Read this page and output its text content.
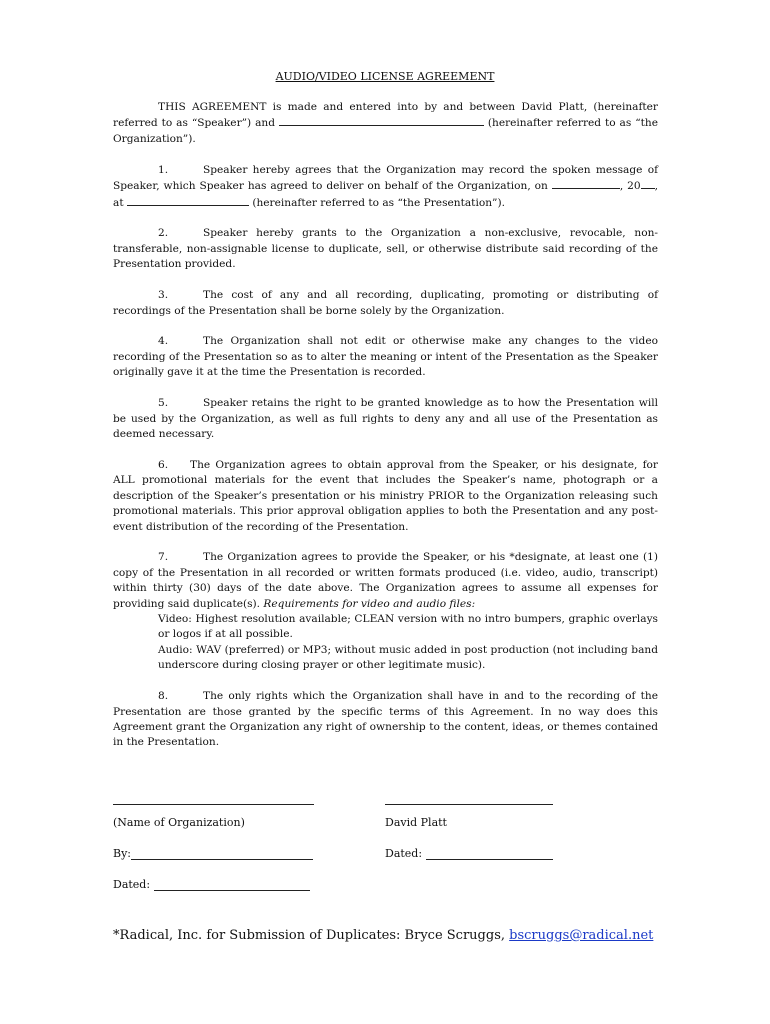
AUDIO/VIDEO LICENSE AGREEMENT

THIS AGREEMENT is made and entered into by and between David Platt, (hereinafter referred to as “Speaker”) and	(hereinafter referred to as “the Organization”).

1.	Speaker hereby agrees that the Organization may record the spoken message of Speaker, which Speaker has agreed to deliver on behalf of the Organization, on	, 20 , at	(hereinafter referred to as “the Presentation”).

2.	Speaker hereby grants to the Organization a non-exclusive, revocable, non-transferable, non-assignable license to duplicate, sell, or otherwise distribute said recording of the Presentation provided.

3.	The cost of any and all recording, duplicating, promoting or distributing of recordings of the Presentation shall be borne solely by the Organization.

4.	The Organization shall not edit or otherwise make any changes to the video recording of the Presentation so as to alter the meaning or intent of the Presentation as the Speaker originally gave it at the time the Presentation is recorded.

5.	Speaker retains the right to be granted knowledge as to how the Presentation will be used by the Organization, as well as full rights to deny any and all use of the Presentation as deemed necessary.

6. The Organization agrees to obtain approval from the Speaker, or his designate, for ALL promotional materials for the event that includes the Speaker’s name, photograph or a description of the Speaker’s presentation or his ministry PRIOR to the Organization releasing such promotional materials. This prior approval obligation applies to both the Presentation and any post-event distribution of the recording of the Presentation.

7.	The Organization agrees to provide the Speaker, or his *designate, at least one (1) copy of the Presentation in all recorded or written formats produced (i.e. video, audio, transcript) within thirty (30) days of the date above. The Organization agrees to assume all expenses for providing said duplicate(s). Requirements for video and audio files:

Video: Highest resolution available; CLEAN version with no intro bumpers, graphic overlays or logos if at all possible.

Audio: WAV (preferred) or MP3; without music added in post production (not including band underscore during closing prayer or other legitimate music).

8.	The only rights which the Organization shall have in and to the recording of the Presentation are those granted by the specific terms of this Agreement. In no way does this Agreement grant the Organization any right of ownership to the content, ideas, or themes contained in the Presentation.

(Name of Organization)	David Platt
By:	Dated:
Dated:
*Radical, Inc. for Submission of Duplicates: Bryce Scruggs, bscruggs@radical.net
